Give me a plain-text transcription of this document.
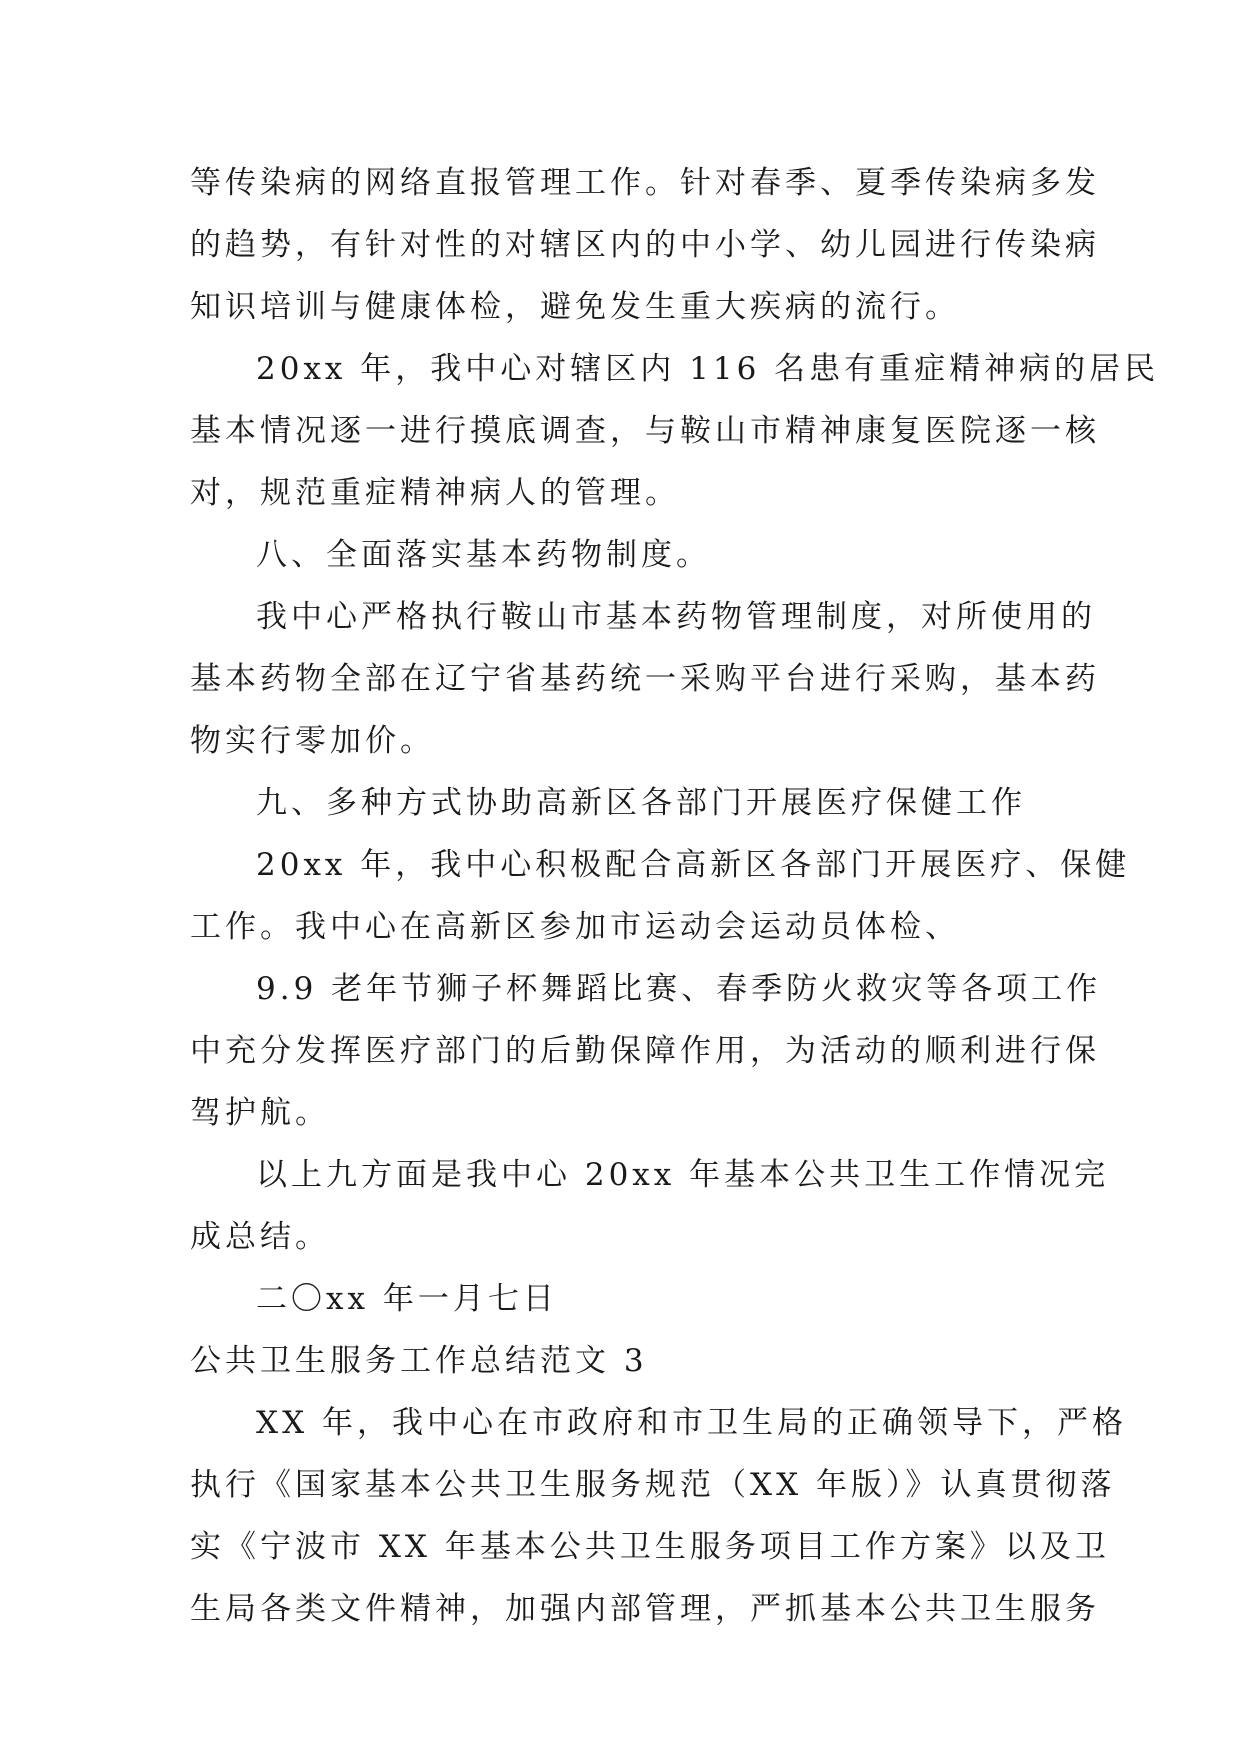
等传染病的网络直报管理工作。针对春季、夏季传染病多发
的趋势，有针对性的对辖区内的中小学、幼儿园进行传染病
知识培训与健康体检，避免发生重大疾病的流行。
20xx 年，我中心对辖区内 116 名患有重症精神病的居民
基本情况逐一进行摸底调查，与鞍山市精神康复医院逐一核
对，规范重症精神病人的管理。
八、全面落实基本药物制度。
我中心严格执行鞍山市基本药物管理制度，对所使用的
基本药物全部在辽宁省基药统一采购平台进行采购，基本药
物实行零加价。
九、多种方式协助高新区各部门开展医疗保健工作
20xx 年，我中心积极配合高新区各部门开展医疗、保健
工作。我中心在高新区参加市运动会运动员体检、
9.9 老年节狮子杯舞蹈比赛、春季防火救灾等各项工作
中充分发挥医疗部门的后勤保障作用，为活动的顺利进行保
驾护航。
以上九方面是我中心 20xx 年基本公共卫生工作情况完
成总结。
二〇xx 年一月七日
公共卫生服务工作总结范文 3
XX 年，我中心在市政府和市卫生局的正确领导下，严格
执行《国家基本公共卫生服务规范（XX 年版）》认真贯彻落
实《宁波市 XX 年基本公共卫生服务项目工作方案》以及卫
生局各类文件精神，加强内部管理，严抓基本公共卫生服务
